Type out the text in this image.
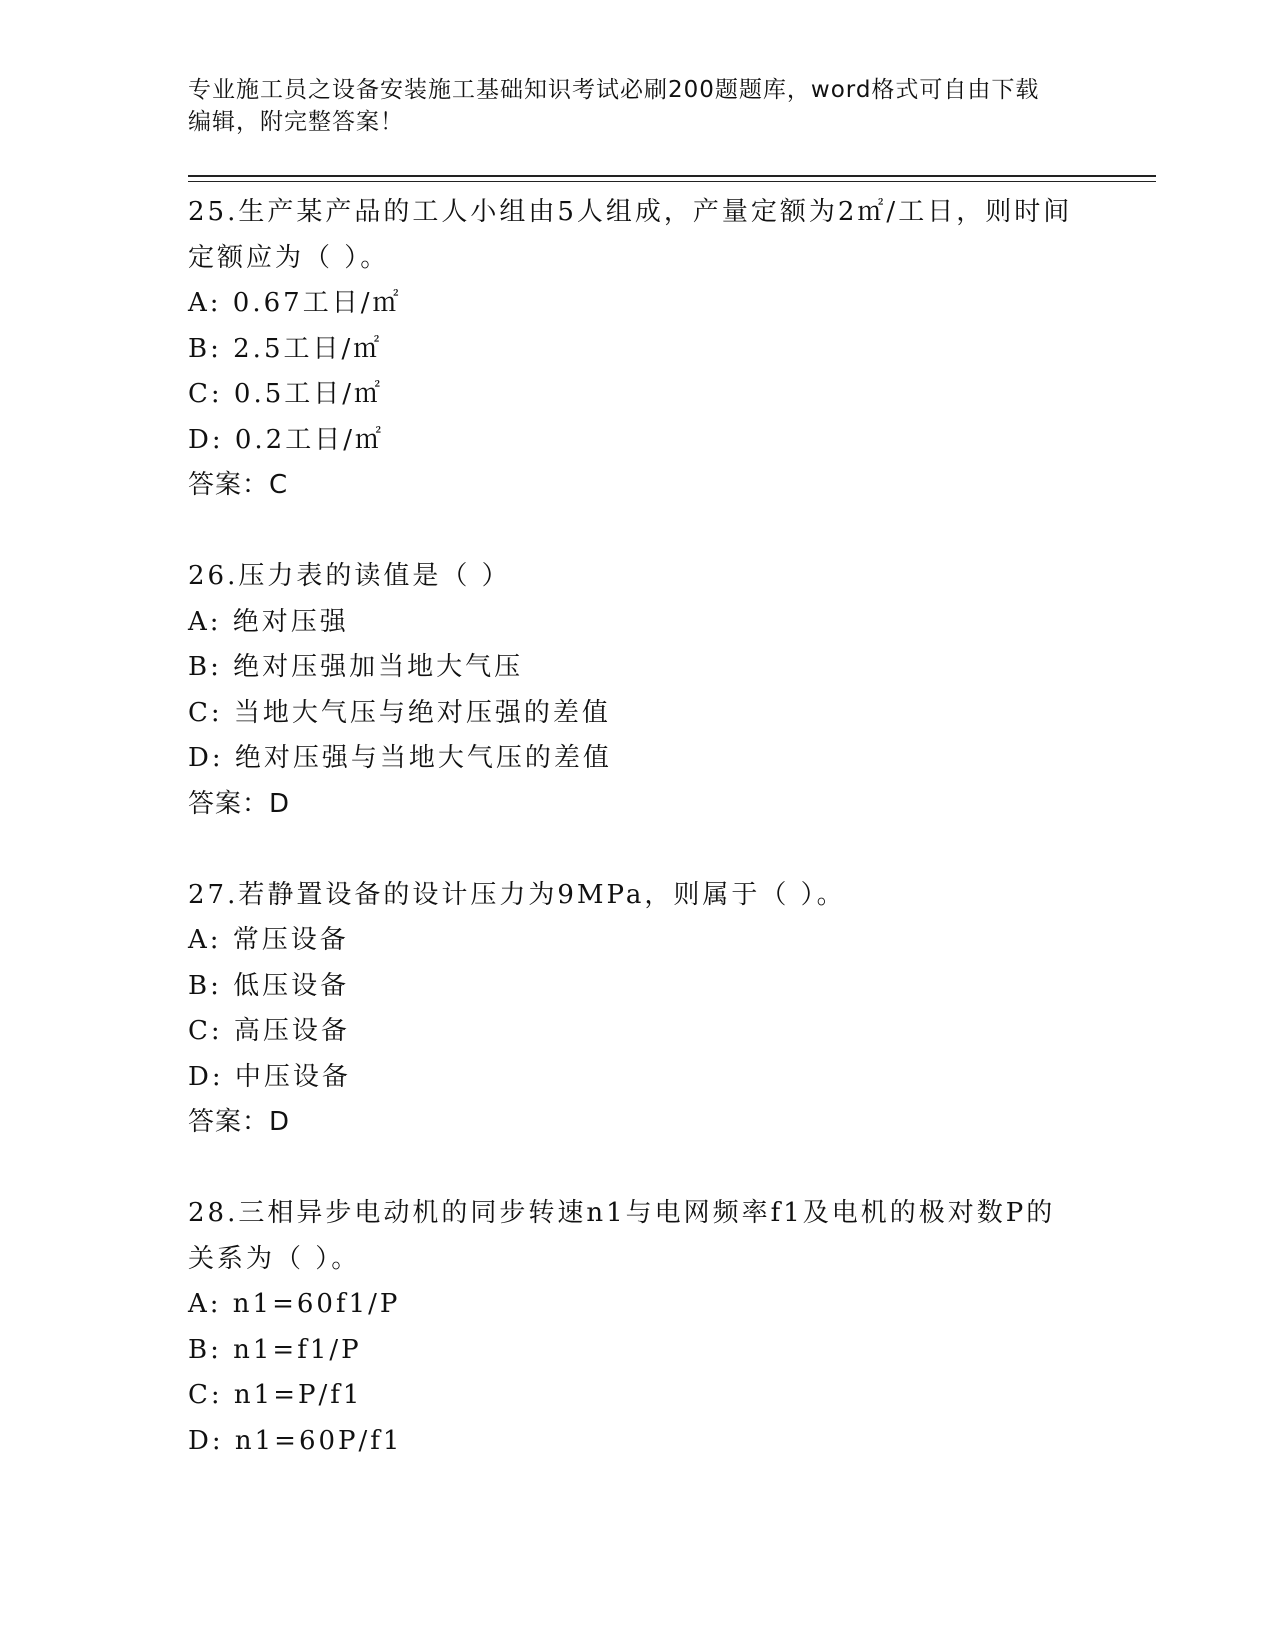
专业施工员之设备安装施工基础知识考试必刷200题题库，word格式可自由下载
编辑，附完整答案！
25.生产某产品的工人小组由5人组成，产量定额为2㎡/工日，则时间
定额应为（ ）。
A: 0.67工日/㎡
B: 2.5工日/㎡
C: 0.5工日/㎡
D: 0.2工日/㎡
答案：C
26.压力表的读值是（ ）
A: 绝对压强
B: 绝对压强加当地大气压
C: 当地大气压与绝对压强的差值
D: 绝对压强与当地大气压的差值
答案：D
27.若静置设备的设计压力为9MPa，则属于（ ）。
A: 常压设备
B: 低压设备
C: 高压设备
D: 中压设备
答案：D
28.三相异步电动机的同步转速n1与电网频率f1及电机的极对数P的
关系为（ ）。
A: n1=60f1/P
B: n1=f1/P
C: n1=P/f1
D: n1=60P/f1
